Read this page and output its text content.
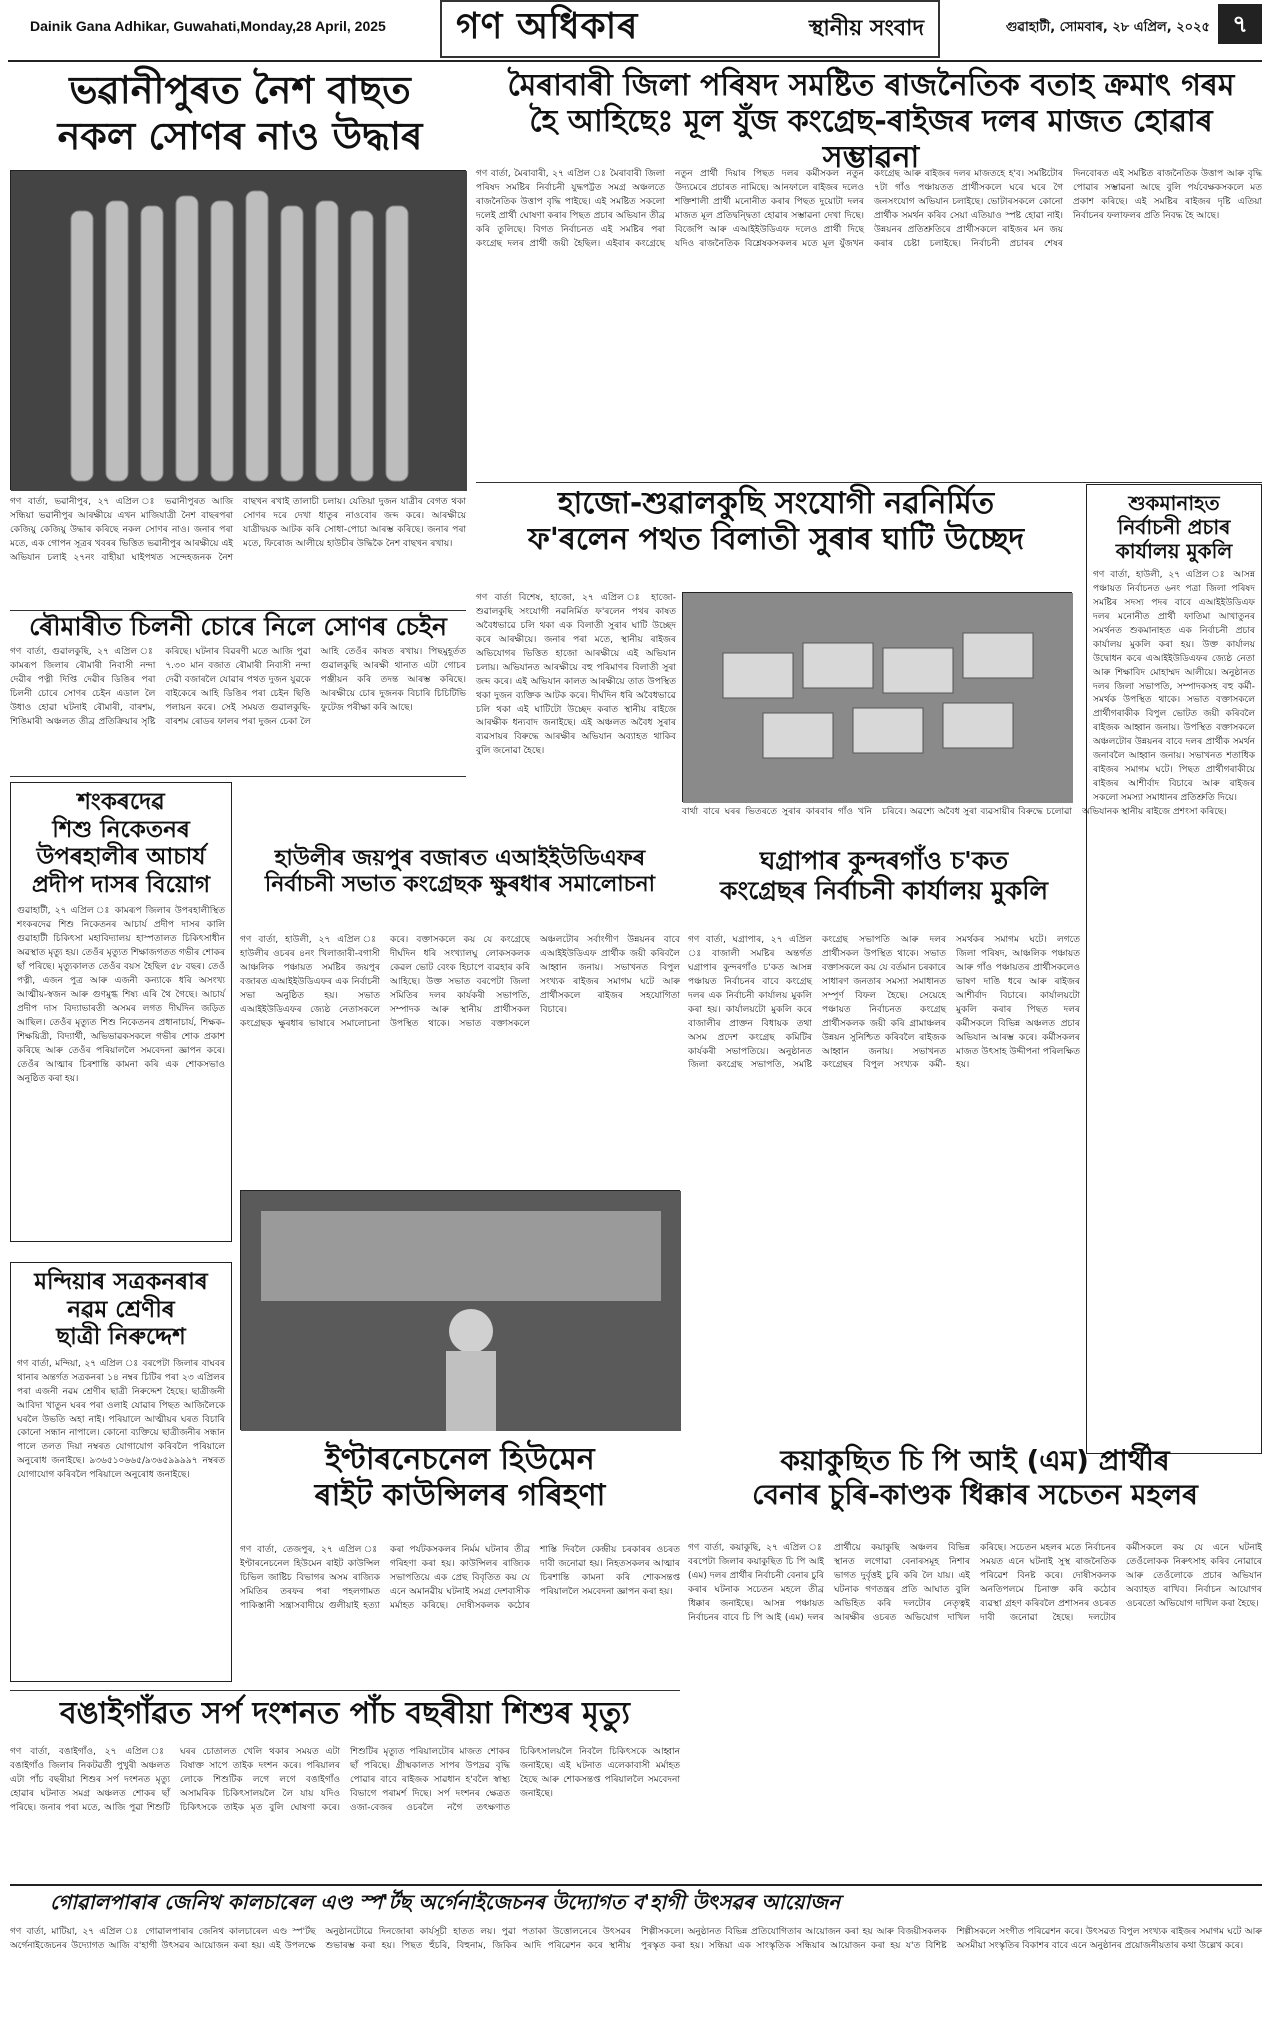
Dainik Gana Adhikar, Guwahati,Monday,28 April, 2025 গণ অধিকাৰ	স্থানীয় সংবাদ	গুৱাহাটী, সোমবাৰ, ২৮ এপ্ৰিল, ২০২৫ ৭
ভৱানীপুৰত নৈশ বাছত
নকল সোণৰ নাও উদ্ধাৰ
গণ বাৰ্তা, ভৱানীপুৰ, ২৭ এপ্ৰিল ঃ ভৱানীপুৰত আজি সন্ধিয়া ভৱানীপুৰ আৰক্ষীয়ে এখন মাজিযাত্ৰী নৈশ বাছৰপৰা কেজিয়ু কেজিয়ু উদ্ধাৰ কৰিছে নকল সোণৰ নাও। জনাৰ পৰা মতে, এক গোপন সূত্ৰৰ খবৰৰ ভিত্তিত ভৱানীপুৰ আৰক্ষীয়ে এই অভিযান চলাই ২৭নং বাহীয়া ঘাইপথত সন্দেহজনক নৈশ বাছখন ৰখাই তালাচী চলায়। যেতিয়া দুজন যাত্ৰীৰ বেগত থকা সোণৰ দৰে দেখা ধাতুৰ নাওবোৰ জব্দ কৰে। আৰক্ষীয়ে যাত্ৰীদ্বয়ক আটক কৰি সোধা-পোচা আৰম্ভ কৰিছে। জনাৰ পৰা মতে, ফিৰোজ আলীয়ে হাউচীৰ উদ্ধিকৈ নৈশ বাছখন ৰখায়।
ৰৌমাৰীত চিলনী চোৰে নিলে সোণৰ চেইন
গণ বাৰ্তা, গুৱালকুছি, ২৭ এপ্ৰিল ঃ কামৰূপ জিলাৰ ৰৌমাৰী নিবাসী নন্দা দেৱীৰ পত্নী দিপ্তি দেৱীৰ ডিঙিৰ পৰা চিলনী চোৰে সোণৰ চেইন এডাল লৈ উধাও হোৱা ঘটনাই ৰৌমাৰী, বাৰশম, শিঙিমাৰী অঞ্চলত তীব্ৰ প্ৰতিক্ৰিয়াৰ সৃষ্টি কৰিছে। ঘটনাৰ বিৱৰণী মতে আজি পুৱা ৭.৩০ মান বজাত ৰৌমাৰী নিবাসী নন্দা দেৱী বজাৰলৈ যোৱাৰ পথত দুজন যুৱকে বাইকেৰে আহি ডিঙিৰ পৰা চেইন ছিঙি পলায়ন কৰে। সেই সময়ত গুৱালকুছি-বাৰশম ৰোডৰ ফালৰ পৰা দুজন চেকা লৈ আহি তেওঁৰ কাষত ৰখায়। পিছমুহূৰ্তত গুৱালকুছি আৰক্ষী থানাত এটা গোচৰ পঞ্জীয়ন কৰি তদন্ত আৰম্ভ কৰিছে। আৰক্ষীয়ে চোৰ দুজনক বিচাৰি চিচিটিভি ফুটেজ পৰীক্ষা কৰি আছে।
শংকৰদেৱ
শিশু নিকেতনৰ
উপৰহালীৰ আচাৰ্য
প্ৰদীপ দাসৰ বিয়োগ
গুৱাহাটী, ২৭ এপ্ৰিল ঃ কামৰূপ জিলাৰ উপৰহালীস্থিত শংকৰদেৱ শিশু নিকেতনৰ আচাৰ্য প্ৰদীপ দাসৰ কালি গুৱাহাটী চিকিৎসা মহাবিদ্যালয় হাস্পতালত চিকিৎসাধীন অৱস্থাত মৃত্যু হয়। তেওঁৰ মৃত্যুত শিক্ষাজগতত গভীৰ শোকৰ ছাঁ পৰিছে। মৃত্যুকালত তেওঁৰ বয়স হৈছিল ৫৮ বছৰ। তেওঁ পত্নী, এজন পুত্ৰ আৰু এজনী কন্যাকে ধৰি অসংখ্য আত্মীয়-স্বজন আৰু গুণমুগ্ধ শিষ্য এৰি থৈ গৈছে। আচাৰ্য প্ৰদীপ দাস বিদ্যাভাৰতী অসমৰ লগত দীৰ্ঘদিন জড়িত আছিল। তেওঁৰ মৃত্যুত শিশু নিকেতনৰ প্ৰধানাচাৰ্য, শিক্ষক-শিক্ষয়িত্ৰী, বিদ্যাৰ্থী, অভিভাৱকসকলে গভীৰ শোক প্ৰকাশ কৰিছে আৰু তেওঁৰ পৰিয়াললৈ সমবেদনা জ্ঞাপন কৰে। তেওঁৰ আত্মাৰ চিৰশান্তি কামনা কৰি এক শোকসভাও অনুষ্ঠিত কৰা হয়।
মন্দিয়াৰ সত্ৰকনৰাৰ
নৱম শ্ৰেণীৰ
ছাত্ৰী নিৰুদ্দেশ
গণ বাৰ্তা, মন্দিয়া, ২৭ এপ্ৰিল ঃ বৰপেটা জিলাৰ বাঘবৰ থানাৰ অন্তৰ্গত সত্ৰকনৰা ১৪ নম্বৰ চিটিৰ পৰা ২৩ এপ্ৰিলৰ পৰা এজনী নৱম শ্ৰেণীৰ ছাত্ৰী নিৰুদ্দেশ হৈছে। ছাত্ৰীজনী আবিদা খাতুন ঘৰৰ পৰা ওলাই যোৱাৰ পিছত আজিলৈকে ঘৰলৈ উভতি অহা নাই। পৰিয়ালে আত্মীয়ৰ ঘৰত বিচাৰি কোনো সন্ধান নাপালে। কোনো ব্যক্তিয়ে ছাত্ৰীজনীৰ সন্ধান পালে তলত দিয়া নম্বৰত যোগাযোগ কৰিবলৈ পৰিয়ালে অনুৰোধ জনাইছে। ৯৩৬৫১০৬৬৫/৯৩৬৫৯৯৯৯৭ নম্বৰত যোগাযোগ কৰিবলৈ পৰিয়ালে অনুৰোধ জনাইছে।
মৈৰাবাৰী জিলা পৰিষদ সমষ্টিত ৰাজনৈতিক বতাহ ক্ৰমাৎ গৰম
হৈ আহিছেঃ মূল যুঁজ কংগ্ৰেছ-ৰাইজৰ দলৰ মাজত হোৱাৰ সম্ভাৱনা
গণ বাৰ্তা, মৈৰাবাৰী, ২৭ এপ্ৰিল ঃ মৈৰাবাৰী জিলা পৰিষদ সমষ্টিৰ নিৰ্বাচনী যুদ্ধপট্টত সমগ্ৰ অঞ্চলতে ৰাজনৈতিক উত্তাপ বৃদ্ধি পাইছে। এই সমষ্টিত সকলো দলেই প্ৰাৰ্থী ঘোষণা কৰাৰ পিছত প্ৰচাৰ অভিযান তীব্ৰ কৰি তুলিছে। বিগত নিৰ্বাচনত এই সমষ্টিৰ পৰা কংগ্ৰেছ দলৰ প্ৰাৰ্থী জয়ী হৈছিল। এইবাৰ কংগ্ৰেছে নতুন প্ৰাৰ্থী দিয়াৰ পিছত দলৰ কৰ্মীসকল নতুন উদ্যমেৰে প্ৰচাৰত নামিছে। আনফালে ৰাইজৰ দলেও শক্তিশালী প্ৰাৰ্থী মনোনীত কৰাৰ পিছত দুয়োটা দলৰ মাজত মূল প্ৰতিদ্বন্দ্বিতা হোৱাৰ সম্ভাৱনা দেখা দিছে। বিজেপি আৰু এআইইউডিএফ দলেও প্ৰাৰ্থী দিছে যদিও ৰাজনৈতিক বিশ্লেষকসকলৰ মতে মূল যুঁজখন কংগ্ৰেছ আৰু ৰাইজৰ দলৰ মাজতহে হ'ব। সমষ্টিটোৰ ৭টা গাঁও পঞ্চায়তত প্ৰাৰ্থীসকলে ঘৰে ঘৰে গৈ জনসংযোগ অভিযান চলাইছে। ভোটাৰসকলে কোনো প্ৰাৰ্থীক সমৰ্থন কৰিব সেয়া এতিয়াও স্পষ্ট হোৱা নাই। উন্নয়নৰ প্ৰতিশ্ৰুতিৰে প্ৰাৰ্থীসকলে ৰাইজৰ মন জয় কৰাৰ চেষ্টা চলাইছে। নিৰ্বাচনী প্ৰচাৰৰ শেষৰ দিনবোৰত এই সমষ্টিত ৰাজনৈতিক উত্তাপ আৰু বৃদ্ধি পোৱাৰ সম্ভাৱনা আছে বুলি পৰ্যবেক্ষকসকলে মত প্ৰকাশ কৰিছে। এই সমষ্টিৰ ৰাইজৰ দৃষ্টি এতিয়া নিৰ্বাচনৰ ফলাফলৰ প্ৰতি নিবদ্ধ হৈ আছে।
হাজো-শুৱালকুছি সংযোগী নৱনিৰ্মিত
ফ'ৰলেন পথত বিলাতী সুৰাৰ ঘাটি উচ্ছেদ
গণ বাৰ্তা বিশেষ, হাজো, ২৭ এপ্ৰিল ঃ হাজো-শুৱালকুছি সংযোগী নৱনিৰ্মিত ফ'ৰলেন পথৰ কাষত অবৈধভাৱে চলি থকা এক বিলাতী সুৰাৰ ঘাটি উচ্ছেদ কৰে আৰক্ষীয়ে। জনাৰ পৰা মতে, স্থানীয় ৰাইজৰ অভিযোগৰ ভিত্তিত হাজো আৰক্ষীয়ে এই অভিযান চলায়। অভিযানত আৰক্ষীয়ে বহু পৰিমাণৰ বিলাতী সুৰা জব্দ কৰে। এই অভিযান কালত আৰক্ষীয়ে তাত উপস্থিত থকা দুজন ব্যক্তিক আটক কৰে। দীৰ্ঘদিন ধৰি অবৈধভাৱে চলি থকা এই ঘাটিটো উচ্ছেদ কৰাত স্থানীয় ৰাইজে আৰক্ষীক ধন্যবাদ জনাইছে। এই অঞ্চলত অবৈধ সুৰাৰ ব্যৱসায়ৰ বিৰুদ্ধে আৰক্ষীৰ অভিযান অব্যাহত থাকিব বুলি জনোৱা হৈছে।
বাৰ্থা বাৰে ঘৰৰ ভিতৰতে সুৰাৰ কাৰবাৰ গাঁও খনি চৰিবে। অৱশ্যে অবৈধ সুৰা ব্যৱসায়ীৰ বিৰুদ্ধে চলোৱা অভিযানক স্থানীয় ৰাইজে প্ৰশংসা কৰিছে।
শুকমানাহত
নিৰ্বাচনী প্ৰচাৰ
কাৰ্যালয় মুকলি
গণ বাৰ্তা, হাউলী, ২৭ এপ্ৰিল ঃ আসন্ন পঞ্চায়ত নিৰ্বাচনত ৬নং পত্ৰা জিলা পৰিষদ সমষ্টিৰ সদস্য পদৰ বাবে এআইইউডিএফ দলৰ মনোনীত প্ৰাৰ্থী ফাতিমা আখাতুনৰ সমৰ্থনত শুকমানাহত এক নিৰ্বাচনী প্ৰচাৰ কাৰ্যালয় মুকলি কৰা হয়। উক্ত কাৰ্যালয় উদ্বোধন কৰে এআইইউডিএফৰ জ্যেষ্ঠ নেতা আৰু শিক্ষাবিদ মোহাম্মদ আলীয়ে। অনুষ্ঠানত দলৰ জিলা সভাপতি, সম্পাদকসহ বহু কৰ্মী-সমৰ্থক উপস্থিত থাকে। সভাত বক্তাসকলে প্ৰাৰ্থীগৰাকীক বিপুল ভোটত জয়ী কৰিবলৈ ৰাইজক আহ্বান জনায়। উপস্থিত বক্তাসকলে অঞ্চলটোৰ উন্নয়নৰ বাবে দলৰ প্ৰাৰ্থীক সমৰ্থন জনাবলৈ আহ্বান জনায়। সভাখনত শতাধিক ৰাইজৰ সমাগম ঘটে। পিছত প্ৰাৰ্থীগৰাকীয়ে ৰাইজৰ আশীৰ্বাদ বিচাৰে আৰু ৰাইজৰ সকলো সমস্যা সমাধানৰ প্ৰতিশ্ৰুতি দিয়ে।
হাউলীৰ জয়পুৰ বজাৰত এআইইউডিএফৰ
নিৰ্বাচনী সভাত কংগ্ৰেছক ক্ষুৰধাৰ সমালোচনা
গণ বাৰ্তা, হাউলী, ২৭ এপ্ৰিল ঃ হাউলীৰ ওচৰৰ ৪নং খিলাজাৰী-বগাসী আঞ্চলিক পঞ্চায়ত সমষ্টিৰ জয়পুৰ বজাৰত এআইইউডিএফৰ এক নিৰ্বাচনী সভা অনুষ্ঠিত হয়। সভাত এআইইউডিএফৰ জ্যেষ্ঠ নেতাসকলে কংগ্ৰেছক ক্ষুৰধাৰ ভাষাৰে সমালোচনা কৰে। বক্তাসকলে কয় যে কংগ্ৰেছে দীৰ্ঘদিন ধৰি সংখ্যালঘু লোকসকলক কেৱল ভোট বেংক হিচাপে ব্যৱহাৰ কৰি আহিছে। উক্ত সভাত বৰপেটা জিলা সমিতিৰ দলৰ কাৰ্যকৰী সভাপতি, সম্পাদক আৰু স্থানীয় প্ৰাৰ্থীসকল উপস্থিত থাকে। সভাত বক্তাসকলে অঞ্চলটোৰ সৰ্বাংগীণ উন্নয়নৰ বাবে এআইইউডিএফ প্ৰাৰ্থীক জয়ী কৰিবলৈ আহ্বান জনায়। সভাখনত বিপুল সংখ্যক ৰাইজৰ সমাগম ঘটে আৰু প্ৰাৰ্থীসকলে ৰাইজৰ সহযোগিতা বিচাৰে।
ঘগ্ৰাপাৰ কুন্দৰগাঁও চ'কত
কংগ্ৰেছৰ নিৰ্বাচনী কাৰ্যালয় মুকলি
গণ বাৰ্তা, ঘগ্ৰাপাৰ, ২৭ এপ্ৰিল ঃ বাজালী সমষ্টিৰ অন্তৰ্গত ঘগ্ৰাপাৰ কুন্দৰগাঁও চ'কত আসন্ন পঞ্চায়ত নিৰ্বাচনৰ বাবে কংগ্ৰেছ দলৰ এক নিৰ্বাচনী কাৰ্যালয় মুকলি কৰা হয়। কাৰ্যালয়টো মুকলি কৰে বাজালীৰ প্ৰাক্তন বিধায়ক তথা অসম প্ৰদেশ কংগ্ৰেছ কমিটিৰ কাৰ্যকৰী সভাপতিয়ে। অনুষ্ঠানত জিলা কংগ্ৰেছ সভাপতি, সমষ্টি কংগ্ৰেছ সভাপতি আৰু দলৰ প্ৰাৰ্থীসকল উপস্থিত থাকে। সভাত বক্তাসকলে কয় যে বৰ্তমান চৰকাৰে সাধাৰণ জনতাৰ সমস্যা সমাধানত সম্পূৰ্ণ বিফল হৈছে। সেয়েহে পঞ্চায়ত নিৰ্বাচনত কংগ্ৰেছ প্ৰাৰ্থীসকলক জয়ী কৰি গ্ৰামাঞ্চলৰ উন্নয়ন সুনিশ্চিত কৰিবলৈ ৰাইজক আহ্বান জনায়। সভাখনত কংগ্ৰেছৰ বিপুল সংখ্যক কৰ্মী-সমৰ্থকৰ সমাগম ঘটে। লগতে জিলা পৰিষদ, আঞ্চলিক পঞ্চায়ত আৰু গাঁও পঞ্চায়তৰ প্ৰাৰ্থীসকলেও ভাষণ দাঙি ধৰে আৰু ৰাইজৰ আশীৰ্বাদ বিচাৰে। কাৰ্যালয়টো মুকলি কৰাৰ পিছত দলৰ কৰ্মীসকলে বিভিন্ন অঞ্চলত প্ৰচাৰ অভিযান আৰম্ভ কৰে। কৰ্মীসকলৰ মাজত উৎসাহ উদ্দীপনা পৰিলক্ষিত হয়।
ইণ্টাৰনেচনেল হিউমেন
ৰাইট কাউন্সিলৰ গৰিহণা
গণ বাৰ্তা, তেজপুৰ, ২৭ এপ্ৰিল ঃ ইণ্টাৰনেচনেল হিউমেন ৰাইট কাউন্সিল চিভিল জাষ্টিচ বিভাগৰ অসম ৰাজ্যিক সমিতিৰ তৰফৰ পৰা পহলগামত পাকিস্তানী সন্ত্ৰাসবাদীয়ে গুলীয়াই হত্যা কৰা পৰ্যটকসকলৰ নিৰ্মম ঘটনাৰ তীব্ৰ গৰিহণা কৰা হয়। কাউন্সিলৰ ৰাজ্যিক সভাপতিয়ে এক প্ৰেছ বিবৃতিত কয় যে এনে অমানৱীয় ঘটনাই সমগ্ৰ দেশবাসীক মৰ্মাহত কৰিছে। দোষীসকলক কঠোৰ শাস্তি দিবলৈ কেন্দ্ৰীয় চৰকাৰৰ ওচৰত দাবী জনোৱা হয়। নিহতসকলৰ আত্মাৰ চিৰশান্তি কামনা কৰি শোকসন্তপ্ত পৰিয়াললৈ সমবেদনা জ্ঞাপন কৰা হয়।
কয়াকুছিত চি পি আই (এম) প্ৰাৰ্থীৰ
বেনাৰ চুৰি-কাণ্ডক ধিক্কাৰ সচেতন মহলৰ
গণ বাৰ্তা, কয়াকুছি, ২৭ এপ্ৰিল ঃ বৰপেটা জিলাৰ কয়াকুছিত চি পি আই (এম) দলৰ প্ৰাৰ্থীৰ নিৰ্বাচনী বেনাৰ চুৰি কৰাৰ ঘটনাক সচেতন মহলে তীব্ৰ ধিক্কাৰ জনাইছে। আসন্ন পঞ্চায়ত নিৰ্বাচনৰ বাবে চি পি আই (এম) দলৰ প্ৰাৰ্থীয়ে কয়াকুছি অঞ্চলৰ বিভিন্ন স্থানত লগোৱা বেনাৰসমূহ নিশাৰ ভাগত দুৰ্বৃত্তই চুৰি কৰি লৈ যায়। এই ঘটনাক গণতন্ত্ৰৰ প্ৰতি আঘাত বুলি অভিহিত কৰি দলটোৰ নেতৃত্বই আৰক্ষীৰ ওচৰত অভিযোগ দাখিল কৰিছে। সচেতন মহলৰ মতে নিৰ্বাচনৰ সময়ত এনে ঘটনাই সুস্থ ৰাজনৈতিক পৰিৱেশ বিনষ্ট কৰে। দোষীসকলক অনতিপলমে চিনাক্ত কৰি কঠোৰ ব্যৱস্থা গ্ৰহণ কৰিবলৈ প্ৰশাসনৰ ওচৰত দাবী জনোৱা হৈছে। দলটোৰ কৰ্মীসকলে কয় যে এনে ঘটনাই তেওঁলোকক নিৰুৎসাহ কৰিব নোৱাৰে আৰু তেওঁলোকে প্ৰচাৰ অভিযান অব্যাহত ৰাখিব। নিৰ্বাচন আয়োগৰ ওচৰতো অভিযোগ দাখিল কৰা হৈছে।
বঙাইগাঁৱত সৰ্প দংশনত পাঁচ বছৰীয়া শিশুৰ মৃত্যু
গণ বাৰ্তা, বঙাইগাঁও, ২৭ এপ্ৰিল ঃ বঙাইগাঁও জিলাৰ নিকটৱৰ্তী পুখুৰী অঞ্চলত এটা পাঁচ বছৰীয়া শিশুৰ সৰ্প দংশনত মৃত্যু হোৱাৰ ঘটনাত সমগ্ৰ অঞ্চলত শোকৰ ছাঁ পৰিছে। জনাৰ পৰা মতে, আজি পুৱা শিশুটি ঘৰৰ চোতালত খেলি থকাৰ সময়ত এটা বিষাক্ত সাপে তাইক দংশন কৰে। পৰিয়ালৰ লোকে শিশুটিক লগে লগে বঙাইগাঁও অসামৰিক চিকিৎসালয়লৈ লৈ যায় যদিও চিকিৎসকে তাইক মৃত বুলি ঘোষণা কৰে। শিশুটিৰ মৃত্যুত পৰিয়ালটোৰ মাজত শোকৰ ছাঁ পৰিছে। গ্ৰীষ্মকালত সাপৰ উপদ্ৰৱ বৃদ্ধি পোৱাৰ বাবে ৰাইজক সাৱধান হ'বলৈ স্বাস্থ্য বিভাগে পৰামৰ্শ দিছে। সৰ্প দংশনৰ ক্ষেত্ৰত ওজা-বেজৰ ওচৰলৈ নগৈ তৎক্ষণাত চিকিৎসালয়লৈ নিবলৈ চিকিৎসকে আহ্বান জনাইছে। এই ঘটনাত এলেকাবাসী মৰ্মাহত হৈছে আৰু শোকসন্তপ্ত পৰিয়াললৈ সমবেদনা জনাইছে।
গোৱালপাৰাৰ জেনিথ কালচাৰেল এণ্ড স্প'ৰ্টছ অৰ্গেনাইজেচনৰ উদ্যোগত ব'হাগী উৎসৱৰ আয়োজন
গণ বাৰ্তা, মাটিয়া, ২৭ এপ্ৰিল ঃ গোৱালপাৰাৰ জেনিথ কালচাৰেল এণ্ড স্প'ৰ্টছ অৰ্গেনাইজেচনৰ উদ্যোগত আজি ব'হাগী উৎসৱৰ আয়োজন কৰা হয়। এই উপলক্ষে অনুষ্ঠানটোৱে দিনজোৰা কাৰ্যসূচী হাতত লয়। পুৱা পতাকা উত্তোলনেৰে উৎসৱৰ শুভাৰম্ভ কৰা হয়। পিছত হুঁচৰি, বিহুনাম, জিকিৰ আদি পৰিৱেশন কৰে স্থানীয় শিল্পীসকলে। অনুষ্ঠানত বিভিন্ন প্ৰতিযোগিতাৰ আয়োজন কৰা হয় আৰু বিজয়ীসকলক পুৰস্কৃত কৰা হয়। সন্ধিয়া এক সাংস্কৃতিক সন্ধিয়াৰ আয়োজন কৰা হয় য'ত বিশিষ্ট শিল্পীসকলে সংগীত পৰিৱেশন কৰে। উৎসৱত বিপুল সংখ্যক ৰাইজৰ সমাগম ঘটে আৰু অসমীয়া সংস্কৃতিৰ বিকাশৰ বাবে এনে অনুষ্ঠানৰ প্ৰয়োজনীয়তাৰ কথা উল্লেখ কৰে।
